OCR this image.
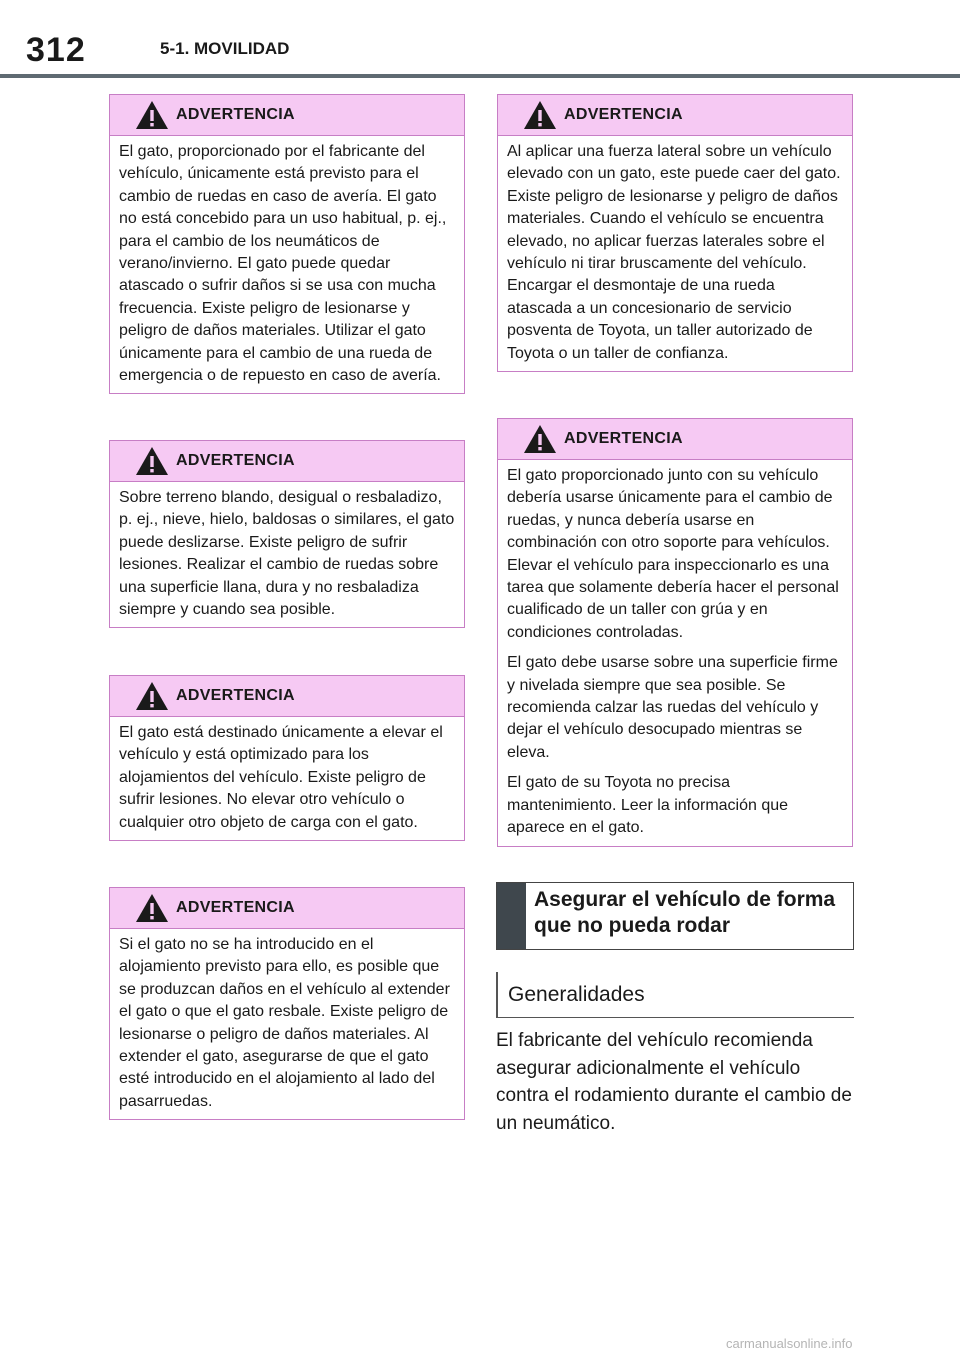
312	5-1. MOVILIDAD
ADVERTENCIA

El gato, proporcionado por el fabricante del vehículo, únicamente está previsto para el cambio de ruedas en caso de avería. El gato no está concebido para un uso habitual, p. ej., para el cambio de los neumáticos de verano/invierno. El gato puede quedar atascado o sufrir daños si se usa con mucha frecuencia. Existe peligro de lesionarse y peligro de daños materiales. Utilizar el gato únicamente para el cambio de una rueda de emergencia o de repuesto en caso de avería.

ADVERTENCIA

Sobre terreno blando, desigual o resbaladizo, p. ej., nieve, hielo, baldosas o similares, el gato puede deslizarse. Existe peligro de sufrir lesiones. Realizar el cambio de ruedas sobre una superficie llana, dura y no resbaladiza siempre y cuando sea posible.

ADVERTENCIA

El gato está destinado únicamente a elevar el vehículo y está optimizado para los alojamientos del vehículo. Existe peligro de sufrir lesiones. No elevar otro vehículo o cualquier otro objeto de carga con el gato.

ADVERTENCIA

Si el gato no se ha introducido en el alojamiento previsto para ello, es posible que se produzcan daños en el vehículo al extender el gato o que el gato resbale. Existe peligro de lesionarse o peligro de daños materiales. Al extender el gato, asegurarse de que el gato esté introducido en el alojamiento al lado del pasarruedas.

ADVERTENCIA

Al aplicar una fuerza lateral sobre un vehículo elevado con un gato, este puede caer del gato. Existe peligro de lesionarse y peligro de daños materiales. Cuando el vehículo se encuentra elevado, no aplicar fuerzas laterales sobre el vehículo ni tirar bruscamente del vehículo. Encargar el desmontaje de una rueda atascada a un concesionario de servicio posventa de Toyota, un taller autorizado de Toyota o un taller de confianza.

ADVERTENCIA

El gato proporcionado junto con su vehículo debería usarse únicamente para el cambio de ruedas, y nunca debería usarse en combinación con otro soporte para vehículos. Elevar el vehículo para inspeccionarlo es una tarea que solamente debería hacer el personal cualificado de un taller con grúa y en condiciones controladas.

El gato debe usarse sobre una superficie firme y nivelada siempre que sea posible. Se recomienda calzar las ruedas del vehículo y dejar el vehículo desocupado mientras se eleva.

El gato de su Toyota no precisa mantenimiento. Leer la información que aparece en el gato.

Asegurar el vehículo de forma que no pueda rodar
Generalidades
El fabricante del vehículo recomienda asegurar adicionalmente el vehículo contra el rodamiento durante el cambio de un neumático.
carmanualsonline.info
